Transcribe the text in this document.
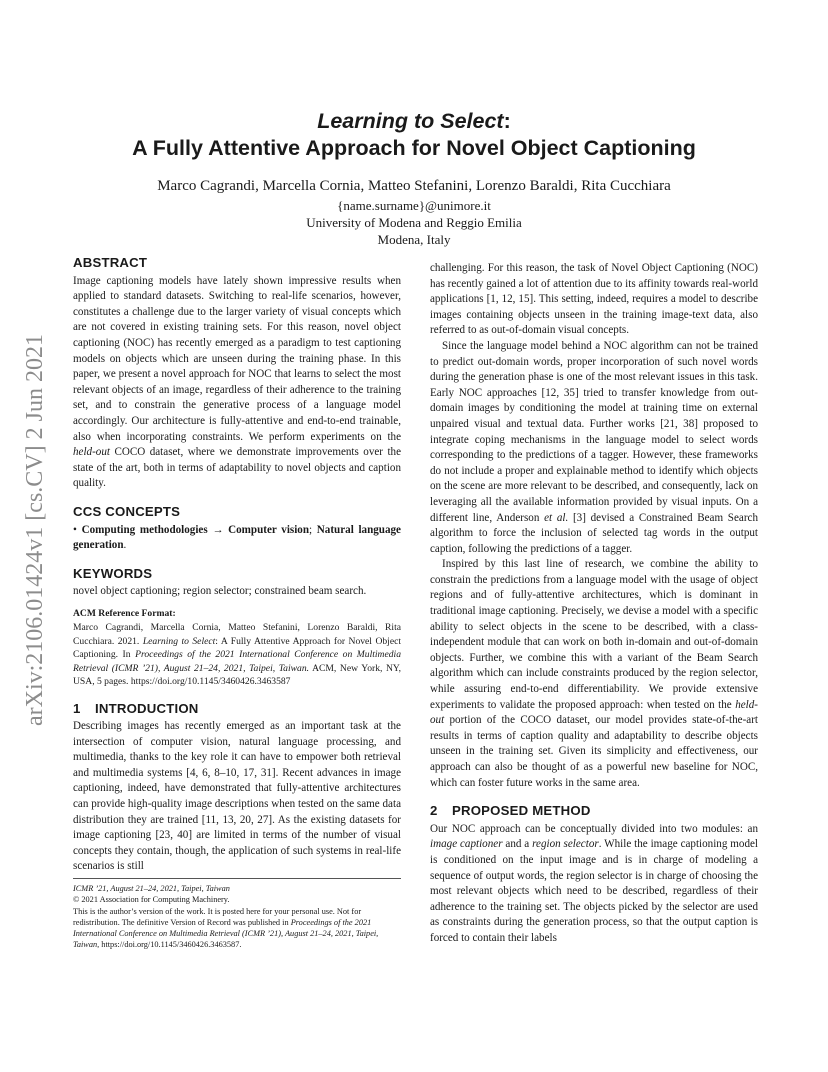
arXiv:2106.01424v1 [cs.CV] 2 Jun 2021
Learning to Select:
A Fully Attentive Approach for Novel Object Captioning
Marco Cagrandi, Marcella Cornia, Matteo Stefanini, Lorenzo Baraldi, Rita Cucchiara
{name.surname}@unimore.it
University of Modena and Reggio Emilia
Modena, Italy
ABSTRACT

Image captioning models have lately shown impressive results when applied to standard datasets. Switching to real-life scenarios, however, constitutes a challenge due to the larger variety of visual concepts which are not covered in existing training sets. For this reason, novel object captioning (NOC) has recently emerged as a paradigm to test captioning models on objects which are unseen during the training phase. In this paper, we present a novel approach for NOC that learns to select the most relevant objects of an image, regardless of their adherence to the training set, and to constrain the generative process of a language model accordingly. Our architecture is fully-attentive and end-to-end trainable, also when incorporating constraints. We perform experiments on the held-out COCO dataset, where we demonstrate improvements over the state of the art, both in terms of adaptability to novel objects and caption quality.

CCS CONCEPTS

• Computing methodologies → Computer vision; Natural language generation.

KEYWORDS

novel object captioning; region selector; constrained beam search.

ACM Reference Format:

Marco Cagrandi, Marcella Cornia, Matteo Stefanini, Lorenzo Baraldi, Rita Cucchiara. 2021. Learning to Select: A Fully Attentive Approach for Novel Object Captioning. In Proceedings of the 2021 International Conference on Multimedia Retrieval (ICMR ’21), August 21–24, 2021, Taipei, Taiwan. ACM, New York, NY, USA, 5 pages. https://doi.org/10.1145/3460426.3463587

1 INTRODUCTION

Describing images has recently emerged as an important task at the intersection of computer vision, natural language processing, and multimedia, thanks to the key role it can have to empower both retrieval and multimedia systems [4, 6, 8–10, 17, 31]. Recent advances in image captioning, indeed, have demonstrated that fully-attentive architectures can provide high-quality image descriptions when tested on the same data distribution they are trained [11, 13, 20, 27]. As the existing datasets for image captioning [23, 40] are limited in terms of the number of visual concepts they contain, though, the application of such systems in real-life scenarios is still

ICMR ’21, August 21–24, 2021, Taipei, Taiwan
© 2021 Association for Computing Machinery.
This is the author’s version of the work. It is posted here for your personal use. Not for redistribution. The definitive Version of Record was published in Proceedings of the 2021 International Conference on Multimedia Retrieval (ICMR ’21), August 21–24, 2021, Taipei, Taiwan, https://doi.org/10.1145/3460426.3463587.

challenging. For this reason, the task of Novel Object Captioning (NOC) has recently gained a lot of attention due to its affinity towards real-world applications [1, 12, 15]. This setting, indeed, requires a model to describe images containing objects unseen in the training image-text data, also referred to as out-of-domain visual concepts.

Since the language model behind a NOC algorithm can not be trained to predict out-domain words, proper incorporation of such novel words during the generation phase is one of the most relevant issues in this task. Early NOC approaches [12, 35] tried to transfer knowledge from out-domain images by conditioning the model at training time on external unpaired visual and textual data. Further works [21, 38] proposed to integrate coping mechanisms in the language model to select words corresponding to the predictions of a tagger. However, these frameworks do not include a proper and explainable method to identify which objects on the scene are more relevant to be described, and consequently, lack on leveraging all the available information provided by visual inputs. On a different line, Anderson et al. [3] devised a Constrained Beam Search algorithm to force the inclusion of selected tag words in the output caption, following the predictions of a tagger.

Inspired by this last line of research, we combine the ability to constrain the predictions from a language model with the usage of object regions and of fully-attentive architectures, which is dominant in traditional image captioning. Precisely, we devise a model with a specific ability to select objects in the scene to be described, with a class-independent module that can work on both in-domain and out-of-domain objects. Further, we combine this with a variant of the Beam Search algorithm which can include constraints produced by the region selector, while assuring end-to-end differentiability. We provide extensive experiments to validate the proposed approach: when tested on the held-out portion of the COCO dataset, our model provides state-of-the-art results in terms of caption quality and adaptability to describe objects unseen in the training set. Given its simplicity and effectiveness, our approach can also be thought of as a powerful new baseline for NOC, which can foster future works in the same area.

2 PROPOSED METHOD

Our NOC approach can be conceptually divided into two modules: an image captioner and a region selector. While the image captioning model is conditioned on the input image and is in charge of modeling a sequence of output words, the region selector is in charge of choosing the most relevant objects which need to be described, regardless of their adherence to the training set. The objects picked by the selector are used as constraints during the generation process, so that the output caption is forced to contain their labels
